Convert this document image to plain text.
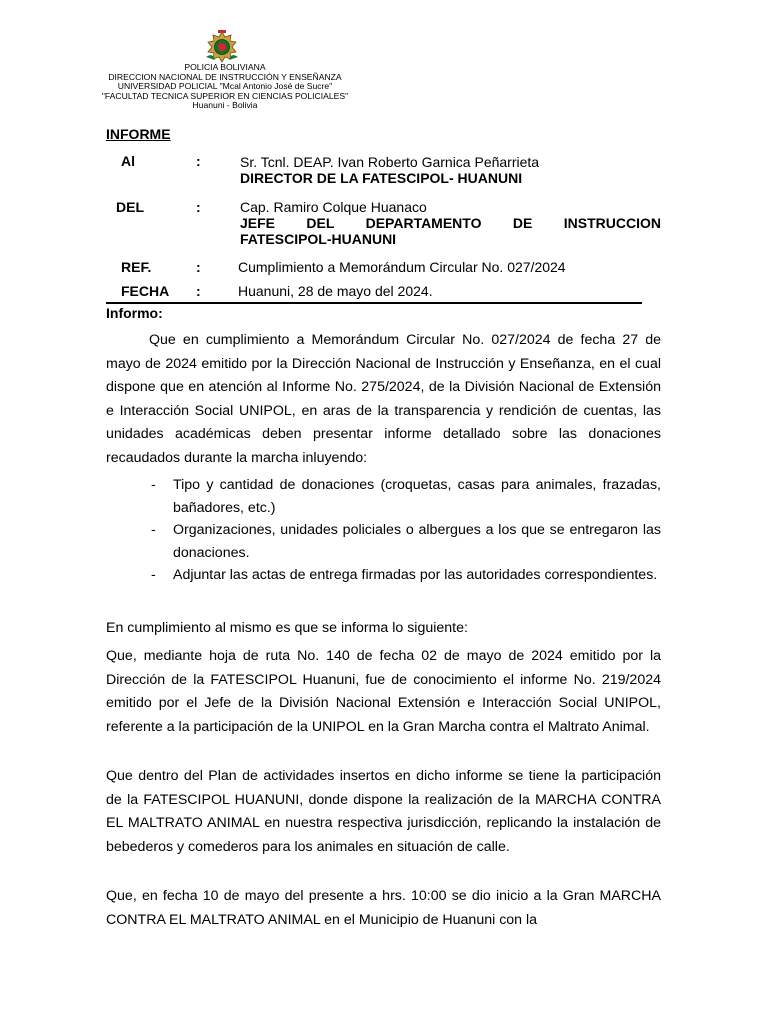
POLICIA BOLIVIANA
DIRECCION NACIONAL DE INSTRUCCIÓN Y ENSEÑANZA
UNIVERSIDAD POLICIAL "Mcal Antonio José de Sucre"
"FACULTAD TECNICA SUPERIOR EN CIENCIAS POLICIALES"
Huanuni - Bolivia
INFORME
Al	:	Sr. Tcnl. DEAP. Ivan Roberto Garnica Peñarrieta
DIRECTOR DE LA FATESCIPOL- HUANUNI
DEL	:	Cap. Ramiro Colque Huanaco
JEFE DEL DEPARTAMENTO DE INSTRUCCION
FATESCIPOL-HUANUNI
REF.	:	Cumplimiento a Memorándum Circular No. 027/2024
FECHA :	Huanuni, 28 de mayo del 2024.
Informo:
Que en cumplimiento a Memorándum Circular No. 027/2024 de fecha 27 de mayo de 2024 emitido por la Dirección Nacional de Instrucción y Enseñanza, en el cual dispone que en atención al Informe No. 275/2024, de la División Nacional de Extensión e Interacción Social UNIPOL, en aras de la transparencia y rendición de cuentas, las unidades académicas deben presentar informe detallado sobre las donaciones recaudados durante la marcha inluyendo:
- Tipo y cantidad de donaciones (croquetas, casas para animales, frazadas, bañadores, etc.)
- Organizaciones, unidades policiales o albergues a los que se entregaron las donaciones.
- Adjuntar las actas de entrega firmadas por las autoridades correspondientes.
En cumplimiento al mismo es que se informa lo siguiente:
Que, mediante hoja de ruta No. 140 de fecha 02 de mayo de 2024 emitido por la Dirección de la FATESCIPOL Huanuni, fue de conocimiento el informe No. 219/2024 emitido por el Jefe de la División Nacional Extensión e Interacción Social UNIPOL, referente a la participación de la UNIPOL en la Gran Marcha contra el Maltrato Animal.
Que dentro del Plan de actividades insertos en dicho informe se tiene la participación de la FATESCIPOL HUANUNI, donde dispone la realización de la MARCHA CONTRA EL MALTRATO ANIMAL en nuestra respectiva jurisdicción, replicando la instalación de bebederos y comederos para los animales en situación de calle.
Que, en fecha 10 de mayo del presente a hrs. 10:00 se dio inicio a la Gran MARCHA CONTRA EL MALTRATO ANIMAL en el Municipio de Huanuni con la
